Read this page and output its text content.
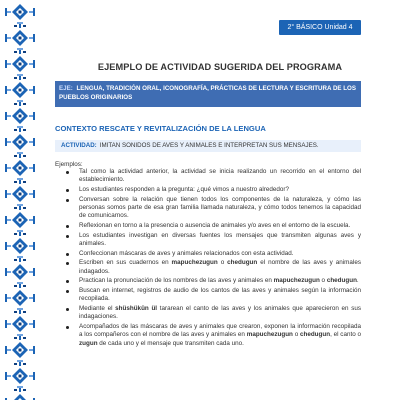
2° BÁSICO Unidad 4
EJEMPLO DE ACTIVIDAD SUGERIDA DEL PROGRAMA
EJE: LENGUA, TRADICIÓN ORAL, ICONOGRAFÍA, PRÁCTICAS DE LECTURA Y ESCRITURA DE LOS PUEBLOS ORIGINARIOS
CONTEXTO RESCATE Y REVITALIZACIÓN DE LA LENGUA
ACTIVIDAD: IMITAN SONIDOS DE AVES Y ANIMALES E INTERPRETAN SUS MENSAJES.
Ejemplos:
Tal como la actividad anterior, la actividad se inicia realizando un recorrido en el entorno del establecimiento.
Los estudiantes responden a la pregunta: ¿qué vimos a nuestro alrededor?
Conversan sobre la relación que tienen todos los componentes de la naturaleza, y cómo las personas somos parte de esa gran familia llamada naturaleza, y cómo todos tenemos la capacidad de comunicarnos.
Reflexionan en torno a la presencia o ausencia de animales y/o aves en el entorno de la escuela.
Los estudiantes investigan en diversas fuentes los mensajes que transmiten algunas aves y animales.
Confeccionan máscaras de aves y animales relacionados con esta actividad.
Escriben en sus cuadernos en mapuchezugun o chedugun el nombre de las aves y animales indagados.
Practican la pronunciación de los nombres de las aves y animales en mapuchezugun o chedugun.
Buscan en internet, registros de audio de los cantos de las aves y animales según la información recopilada.
Mediante el shüshükün ül tararean el canto de las aves y los animales que aparecieron en sus indagaciones.
Acompañados de las máscaras de aves y animales que crearon, exponen la información recopilada a los compañeros con el nombre de las aves y animales en mapuchezugun o chedugun, el canto o zugun de cada uno y el mensaje que transmiten cada uno.
